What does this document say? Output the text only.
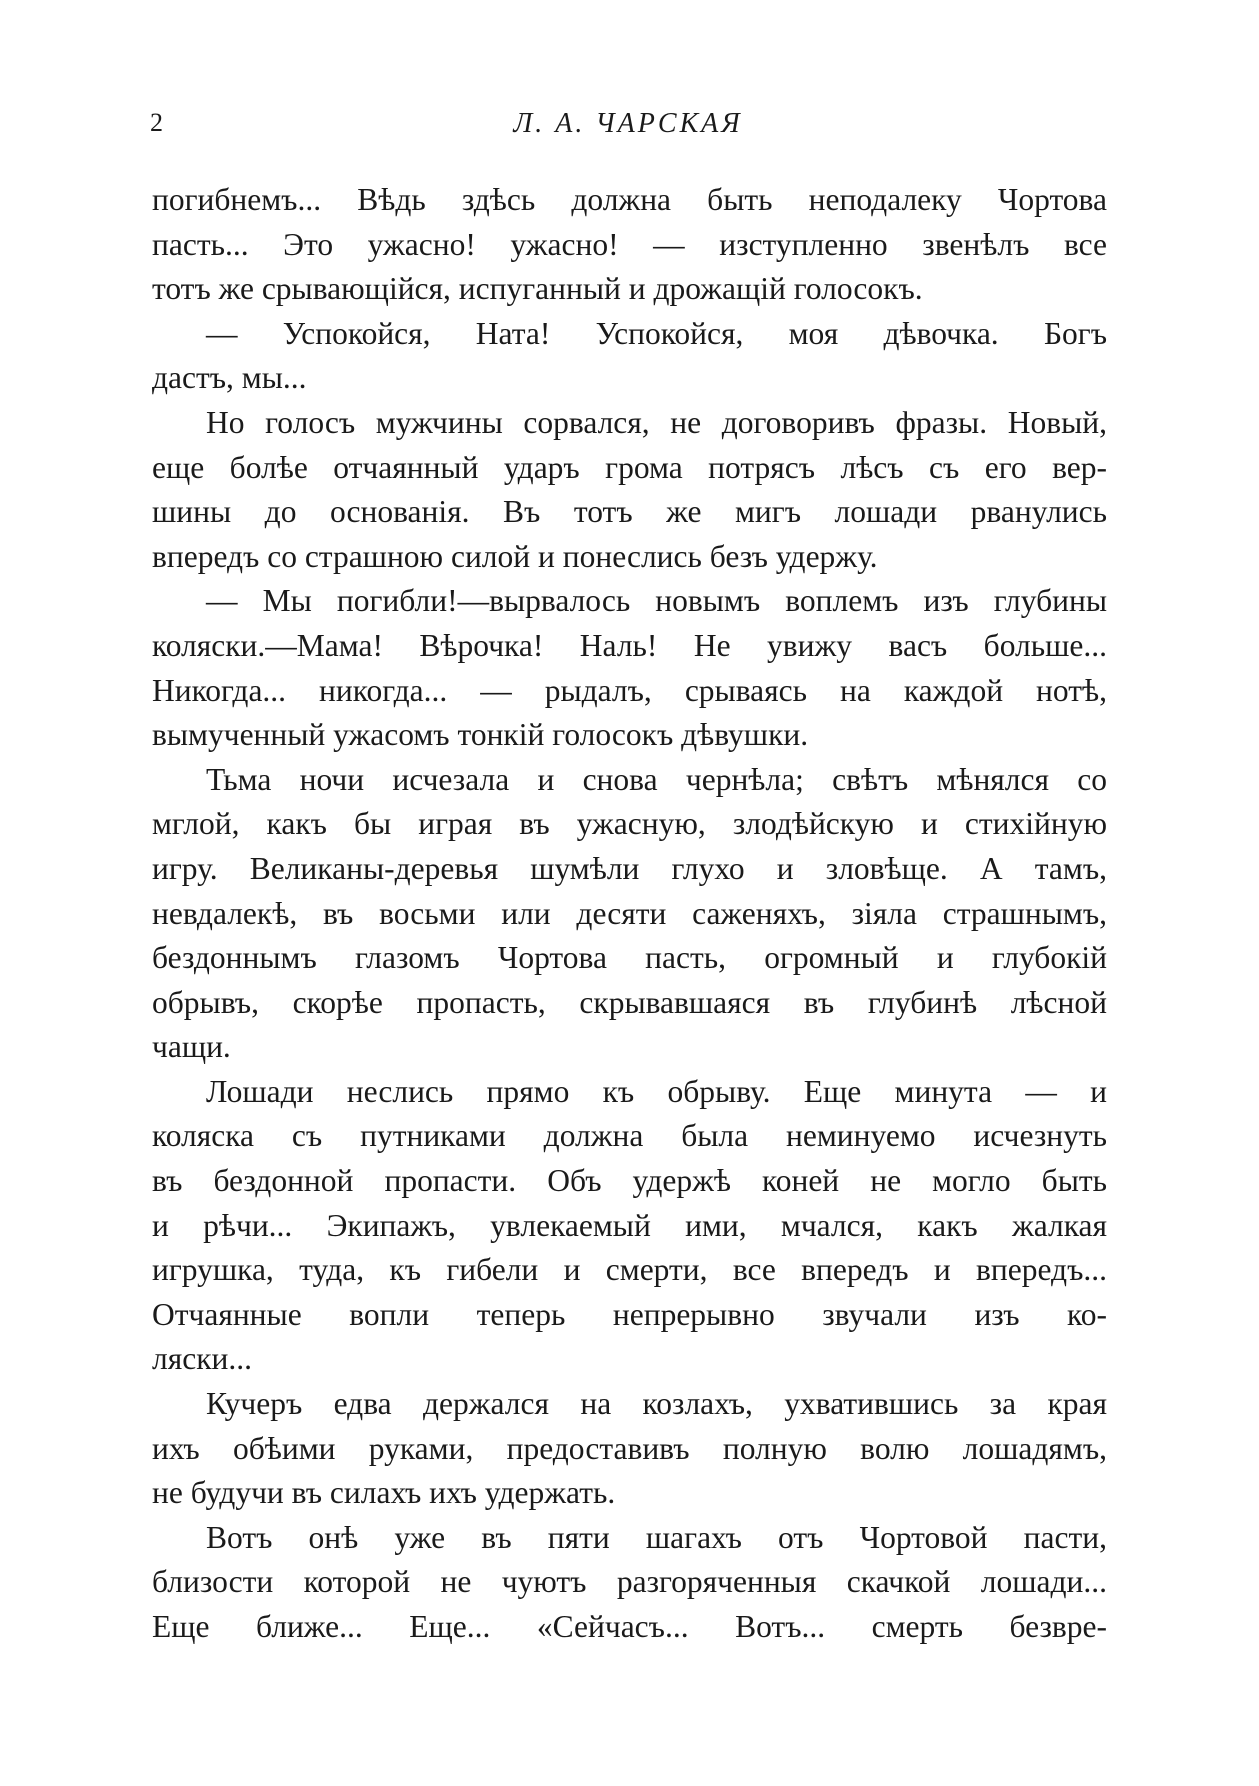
2	Л. А. ЧАРСКАЯ
погибнемъ... Вѣдь здѣсь должна быть неподалеку Чортова
пасть... Это ужасно! ужасно! — изступленно звенѣлъ все
тотъ же срывающійся, испуганный и дрожащій голосокъ.
— Успокойся, Ната! Успокойся, моя дѣвочка. Богъ
дастъ, мы...
Но голосъ мужчины сорвался, не договоривъ фразы. Новый,
еще болѣе отчаянный ударъ грома потрясъ лѣсъ съ его вер-
шины до основанія. Въ тотъ же мигъ лошади рванулись
впередъ со страшною силой и понеслись безъ удержу.
— Мы погибли!—вырвалось новымъ воплемъ изъ глубины
коляски.—Мама! Вѣрочка! Наль! Не увижу васъ больше...
Никогда... никогда... — рыдалъ, срываясь на каждой нотѣ,
вымученный ужасомъ тонкій голосокъ дѣвушки.
Тьма ночи исчезала и снова чернѣла; свѣтъ мѣнялся со
мглой, какъ бы играя въ ужасную, злодѣйскую и стихійную
игру. Великаны-деревья шумѣли глухо и зловѣще. А тамъ,
невдалекѣ, въ восьми или десяти саженяхъ, зіяла страшнымъ,
бездоннымъ глазомъ Чортова пасть, огромный и глубокій
обрывъ, скорѣе пропасть, скрывавшаяся въ глубинѣ лѣсной
чащи.
Лошади неслись прямо къ обрыву. Еще минута — и
коляска съ путниками должна была неминуемо исчезнуть
въ бездонной пропасти. Объ удержѣ коней не могло быть
и рѣчи... Экипажъ, увлекаемый ими, мчался, какъ жалкая
игрушка, туда, къ гибели и смерти, все впередъ и впередъ...
Отчаянные вопли теперь непрерывно звучали изъ ко-
ляски...
Кучеръ едва держался на козлахъ, ухватившись за края
ихъ обѣими руками, предоставивъ полную волю лошадямъ,
не будучи въ силахъ ихъ удержать.
Вотъ онѣ уже въ пяти шагахъ отъ Чортовой пасти,
близости которой не чуютъ разгоряченныя скачкой лошади...
Еще ближе... Еще... «Сейчасъ... Вотъ... смерть безвре-
